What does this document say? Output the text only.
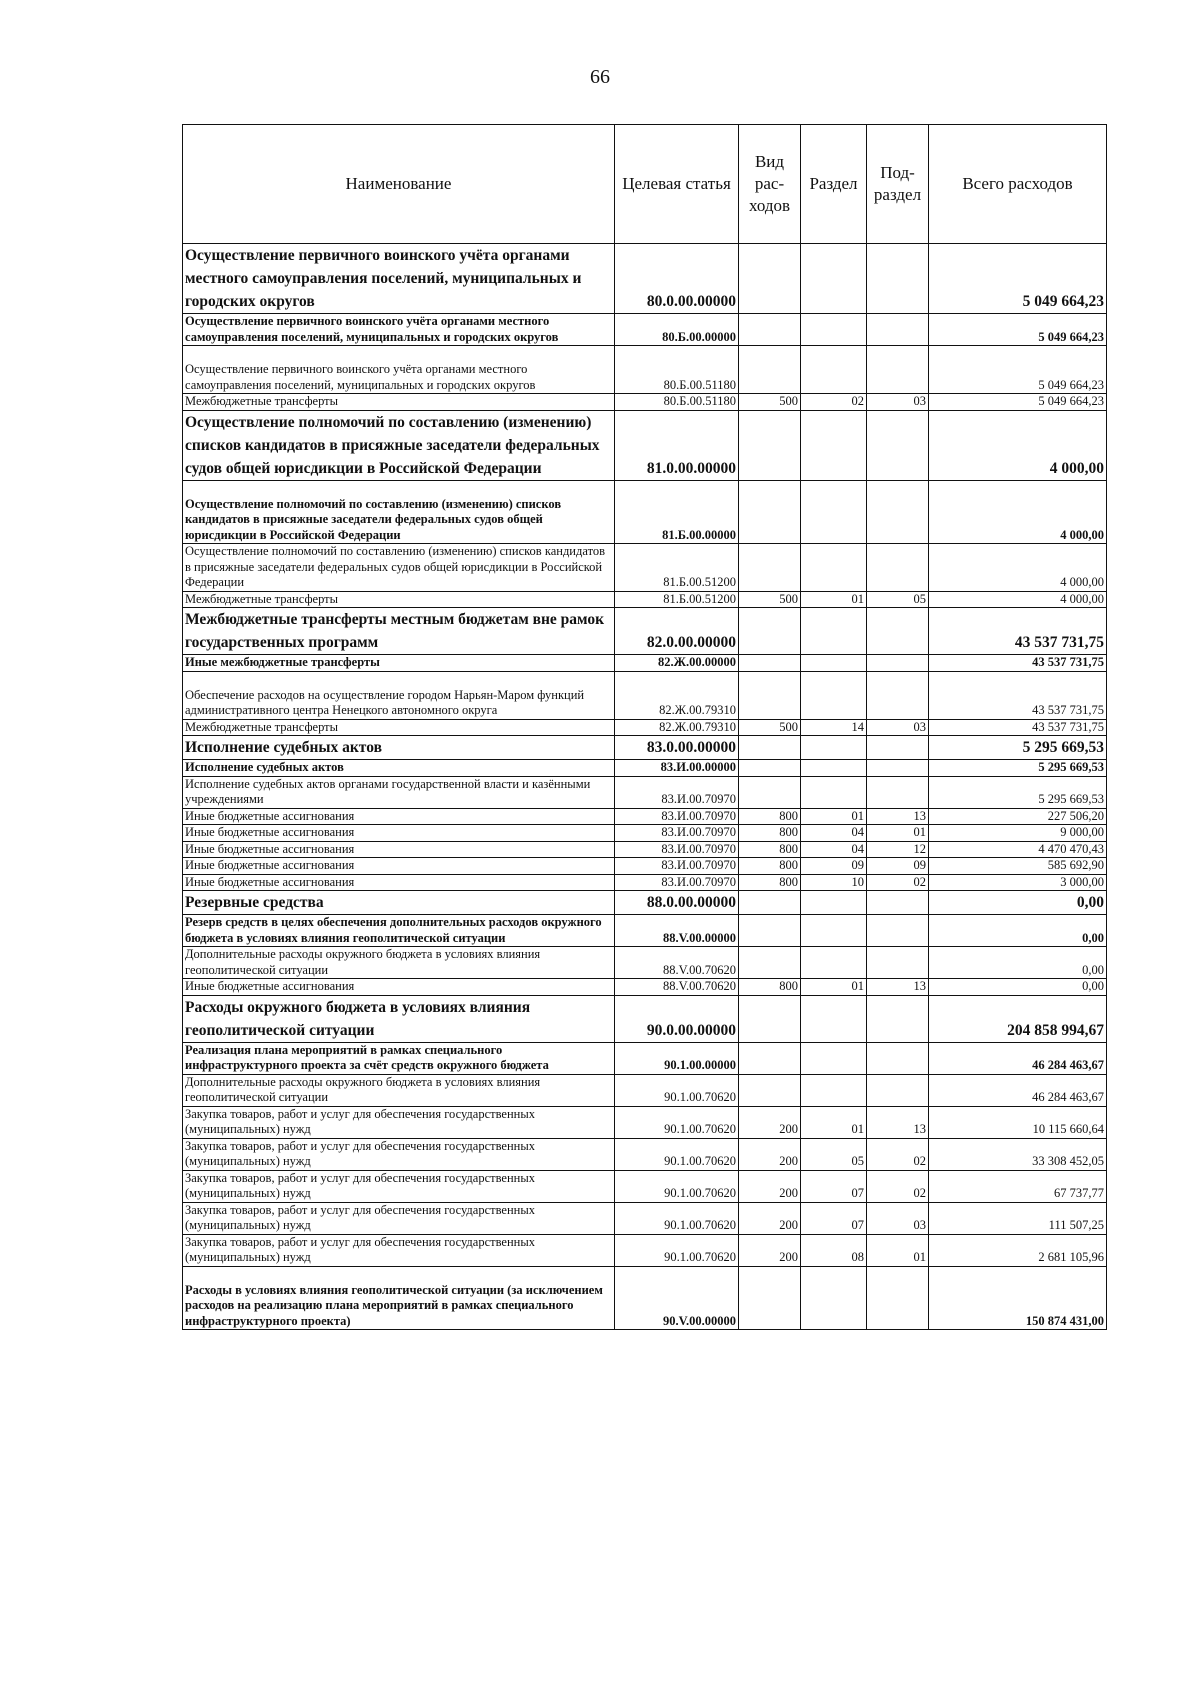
66
Наименование	Целевая статья	Вид рас- ходов	Раздел	Под- раздел	Всего расходов
Осуществление первичного воинского учёта органами местного самоуправления поселений, муниципальных и городских округов	80.0.00.00000				5 049 664,23
Осуществление первичного воинского учёта органами местного самоуправления поселений, муниципальных и городских округов	80.Б.00.00000				5 049 664,23
Осуществление первичного воинского учёта органами местного самоуправления поселений, муниципальных и городских округов	80.Б.00.51180				5 049 664,23
Межбюджетные трансферты	80.Б.00.51180	500	02	03	5 049 664,23
Осуществление полномочий по составлению (изменению) списков кандидатов в присяжные заседатели федеральных судов общей юрисдикции в Российской Федерации	81.0.00.00000				4 000,00
Осуществление полномочий по составлению (изменению) списков кандидатов в присяжные заседатели федеральных судов общей юрисдикции в Российской Федерации	81.Б.00.00000				4 000,00
Осуществление полномочий по составлению (изменению) списков кандидатов в присяжные заседатели федеральных судов общей юрисдикции в Российской Федерации	81.Б.00.51200				4 000,00
Межбюджетные трансферты	81.Б.00.51200	500	01	05	4 000,00
Межбюджетные трансферты местным бюджетам вне рамок государственных программ	82.0.00.00000				43 537 731,75
Иные межбюджетные трансферты	82.Ж.00.00000				43 537 731,75
Обеспечение расходов на осуществление городом Нарьян-Маром функций административного центра Ненецкого автономного округа	82.Ж.00.79310				43 537 731,75
Межбюджетные трансферты	82.Ж.00.79310	500	14	03	43 537 731,75
Исполнение судебных актов	83.0.00.00000				5 295 669,53
Исполнение судебных актов	83.И.00.00000				5 295 669,53
Исполнение судебных актов органами государственной власти и казёнными учреждениями	83.И.00.70970				5 295 669,53
Иные бюджетные ассигнования	83.И.00.70970	800	01	13	227 506,20
Иные бюджетные ассигнования	83.И.00.70970	800	04	01	9 000,00
Иные бюджетные ассигнования	83.И.00.70970	800	04	12	4 470 470,43
Иные бюджетные ассигнования	83.И.00.70970	800	09	09	585 692,90
Иные бюджетные ассигнования	83.И.00.70970	800	10	02	3 000,00
Резервные средства	88.0.00.00000				0,00
Резерв средств в целях обеспечения дополнительных расходов окружного бюджета в условиях влияния геополитической ситуации	88.V.00.00000				0,00
Дополнительные расходы окружного бюджета в условиях влияния геополитической ситуации	88.V.00.70620				0,00
Иные бюджетные ассигнования	88.V.00.70620	800	01	13	0,00
Расходы окружного бюджета в условиях влияния геополитической ситуации	90.0.00.00000				204 858 994,67
Реализация плана мероприятий в рамках специального инфраструктурного проекта за счёт средств окружного бюджета	90.1.00.00000				46 284 463,67
Дополнительные расходы окружного бюджета в условиях влияния геополитической ситуации	90.1.00.70620				46 284 463,67
Закупка товаров, работ и услуг для обеспечения государственных (муниципальных) нужд	90.1.00.70620	200	01	13	10 115 660,64
Закупка товаров, работ и услуг для обеспечения государственных (муниципальных) нужд	90.1.00.70620	200	05	02	33 308 452,05
Закупка товаров, работ и услуг для обеспечения государственных (муниципальных) нужд	90.1.00.70620	200	07	02	67 737,77
Закупка товаров, работ и услуг для обеспечения государственных (муниципальных) нужд	90.1.00.70620	200	07	03	111 507,25
Закупка товаров, работ и услуг для обеспечения государственных (муниципальных) нужд	90.1.00.70620	200	08	01	2 681 105,96
Расходы в условиях влияния геополитической ситуации (за исключением расходов на реализацию плана мероприятий в рамках специального инфраструктурного проекта)	90.V.00.00000				150 874 431,00
